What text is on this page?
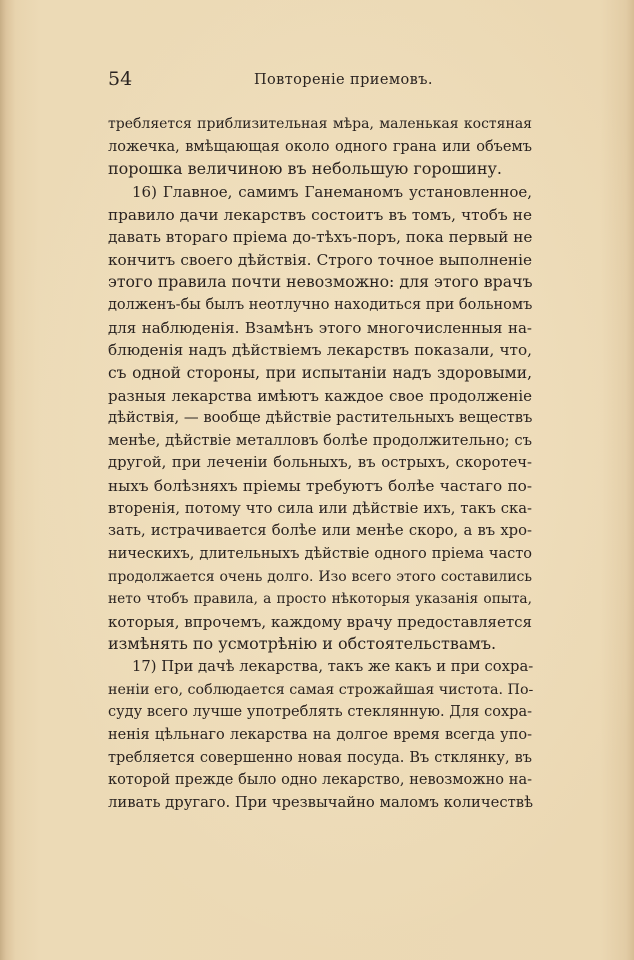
54	Повторенie приемовъ.
требляется приблизительная мѣра, маленькая костяная
ложечка, вмѣщающая около одного грана или объемъ
порошка величиною въ небольшую горошину.
16) Главное, самимъ Ганеманомъ установленное,
правило дачи лекарствъ состоитъ въ томъ, чтобъ не
давать втораго прiема до-тѣхъ-поръ, пока первый не
кончитъ своего дѣйствiя. Строго точное выполненiе
этого правила почти невозможно: для этого врачъ
долженъ-бы былъ неотлучно находиться при больномъ
для наблюденiя. Взамѣнъ этого многочисленныя на-
блюденiя надъ дѣйствiемъ лекарствъ показали, что,
съ одной стороны, при испытанiи надъ здоровыми,
разныя лекарства имѣютъ каждое свое продолженiе
дѣйствiя, — вообще дѣйствiе растительныхъ веществъ
менѣе, дѣйствiе металловъ болѣе продолжительно; съ
другой, при леченiи больныхъ, въ острыхъ, скоротеч-
ныхъ болѣзняхъ прiемы требуютъ болѣе частаго по-
вторенiя, потому что сила или дѣйствiе ихъ, такъ ска-
зать, истрачивается болѣе или менѣе скоро, а въ хро-
ническихъ, длительныхъ дѣйствiе одного прiема часто
продолжается очень долго. Изо всего этого составились
нето чтобъ правила, а просто нѣкоторыя указанiя опыта,
которыя, впрочемъ, каждому врачу предоставляется
измѣнять по усмотрѣнiю и обстоятельствамъ.
17) При дачѣ лекарства, такъ же какъ и при сохра-
ненiи его, соблюдается самая строжайшая чистота. По-
суду всего лучше употреблять стеклянную. Для сохра-
ненiя цѣльнаго лекарства на долгое время всегда упо-
требляется совершенно новая посуда. Въ стклянку, въ
которой прежде было одно лекарство, невозможно на-
ливать другаго. При чрезвычайно маломъ количествѣ
